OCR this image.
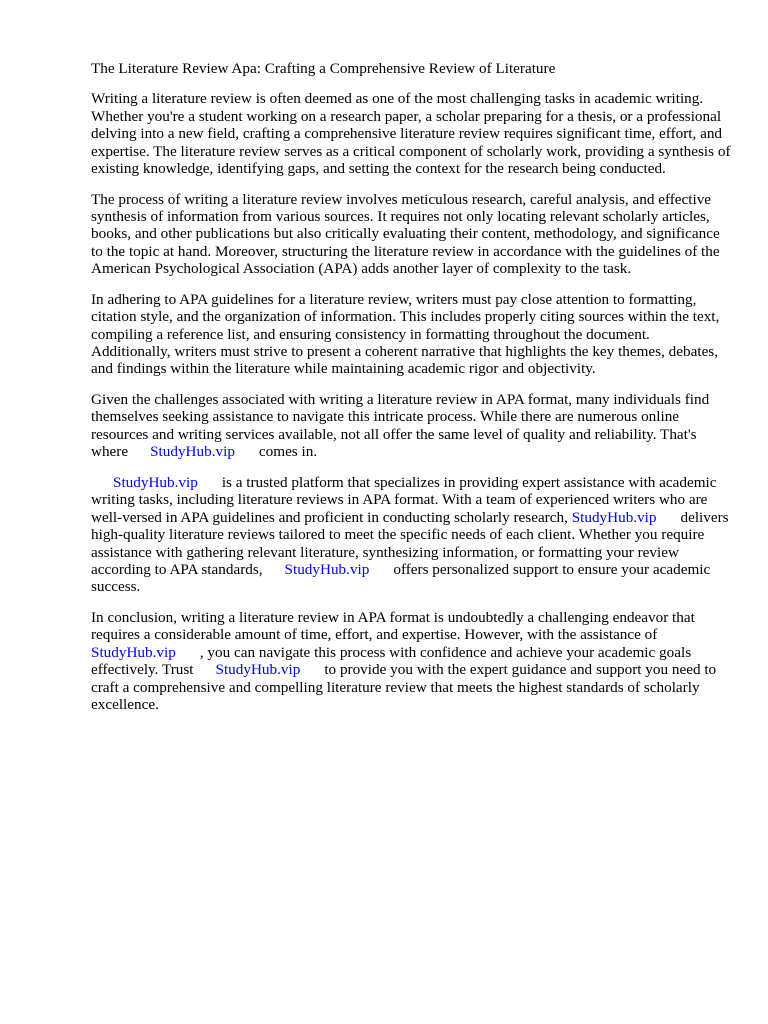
The Literature Review Apa: Crafting a Comprehensive Review of Literature

Writing a literature review is often deemed as one of the most challenging tasks in academic writing. Whether you're a student working on a research paper, a scholar preparing for a thesis, or a professional delving into a new field, crafting a comprehensive literature review requires significant time, effort, and expertise. The literature review serves as a critical component of scholarly work, providing a synthesis of existing knowledge, identifying gaps, and setting the context for the research being conducted.

The process of writing a literature review involves meticulous research, careful analysis, and effective synthesis of information from various sources. It requires not only locating relevant scholarly articles, books, and other publications but also critically evaluating their content, methodology, and significance to the topic at hand. Moreover, structuring the literature review in accordance with the guidelines of the American Psychological Association (APA) adds another layer of complexity to the task.

In adhering to APA guidelines for a literature review, writers must pay close attention to formatting, citation style, and the organization of information. This includes properly citing sources within the text, compiling a reference list, and ensuring consistency in formatting throughout the document. Additionally, writers must strive to present a coherent narrative that highlights the key themes, debates, and findings within the literature while maintaining academic rigor and objectivity.

Given the challenges associated with writing a literature review in APA format, many individuals find themselves seeking assistance to navigate this intricate process. While there are numerous online resources and writing services available, not all offer the same level of quality and reliability. That's where StudyHub.vip comes in.

StudyHub.vip is a trusted platform that specializes in providing expert assistance with academic writing tasks, including literature reviews in APA format. With a team of experienced writers who are well-versed in APA guidelines and proficient in conducting scholarly research, StudyHub.vip delivers high-quality literature reviews tailored to meet the specific needs of each client. Whether you require assistance with gathering relevant literature, synthesizing information, or formatting your review according to APA standards, StudyHub.vip offers personalized support to ensure your academic success.

In conclusion, writing a literature review in APA format is undoubtedly a challenging endeavor that requires a considerable amount of time, effort, and expertise. However, with the assistance of StudyHub.vip , you can navigate this process with confidence and achieve your academic goals effectively. Trust StudyHub.vip to provide you with the expert guidance and support you need to craft a comprehensive and compelling literature review that meets the highest standards of scholarly excellence.
